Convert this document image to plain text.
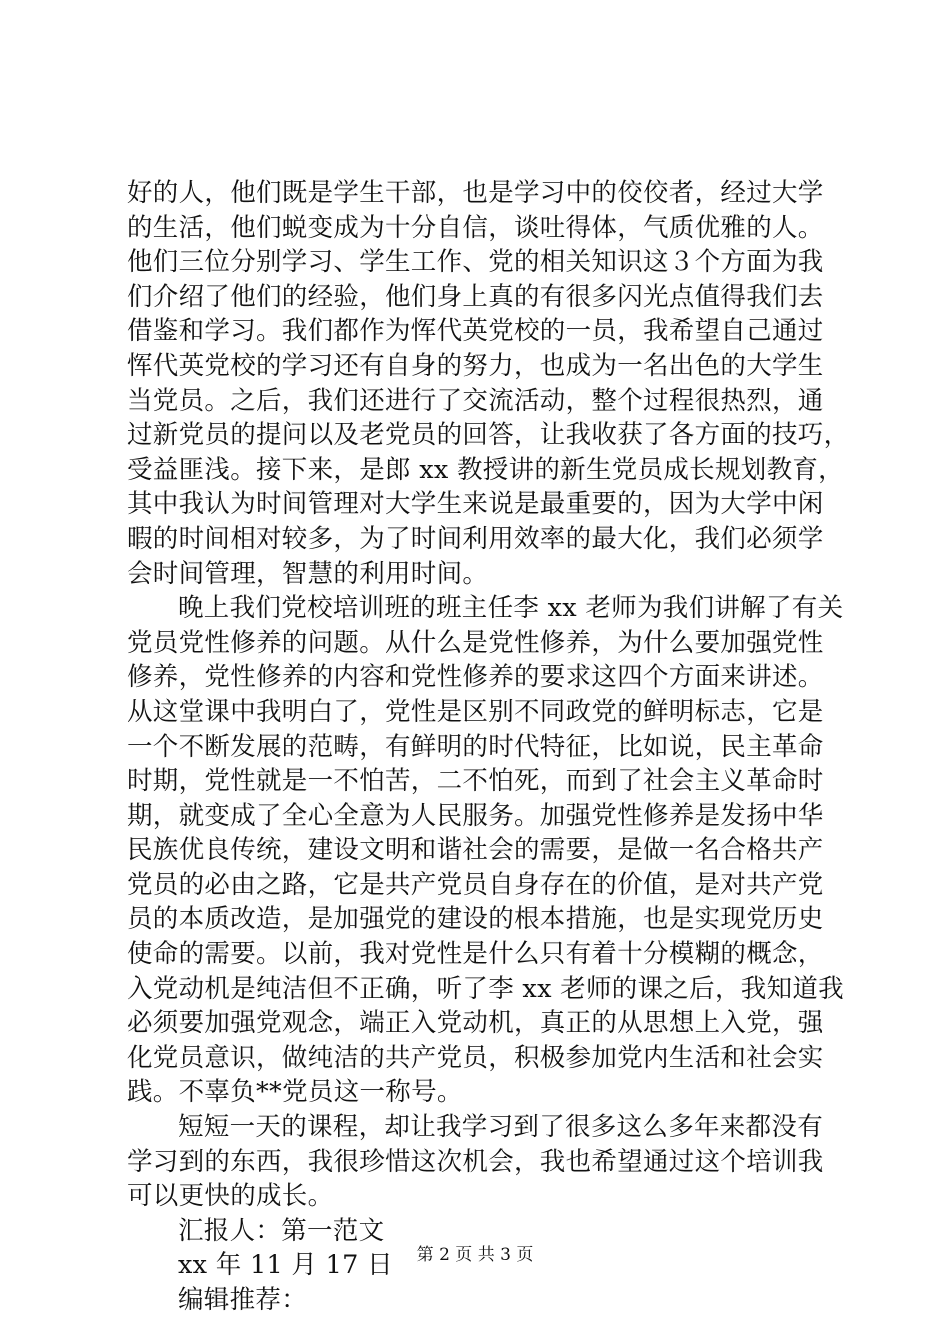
好的人，他们既是学生干部，也是学习中的佼佼者，经过大学
的生活，他们蜕变成为十分自信，谈吐得体，气质优雅的人。
他们三位分别学习、学生工作、党的相关知识这３个方面为我
们介绍了他们的经验，他们身上真的有很多闪光点值得我们去
借鉴和学习。我们都作为恽代英党校的一员，我希望自己通过
恽代英党校的学习还有自身的努力，也成为一名出色的大学生
当党员。之后，我们还进行了交流活动，整个过程很热烈，通
过新党员的提问以及老党员的回答，让我收获了各方面的技巧，
受益匪浅。接下来，是郎 xx 教授讲的新生党员成长规划教育，
其中我认为时间管理对大学生来说是最重要的，因为大学中闲
暇的时间相对较多，为了时间利用效率的最大化，我们必须学
会时间管理，智慧的利用时间。
晚上我们党校培训班的班主任李 xx 老师为我们讲解了有关
党员党性修养的问题。从什么是党性修养，为什么要加强党性
修养，党性修养的内容和党性修养的要求这四个方面来讲述。
从这堂课中我明白了，党性是区别不同政党的鲜明标志，它是
一个不断发展的范畴，有鲜明的时代特征，比如说，民主革命
时期，党性就是一不怕苦，二不怕死，而到了社会主义革命时
期，就变成了全心全意为人民服务。加强党性修养是发扬中华
民族优良传统，建设文明和谐社会的需要，是做一名合格共产
党员的必由之路，它是共产党员自身存在的价值，是对共产党
员的本质改造，是加强党的建设的根本措施，也是实现党历史
使命的需要。以前，我对党性是什么只有着十分模糊的概念，
入党动机是纯洁但不正确，听了李 xx 老师的课之后，我知道我
必须要加强党观念，端正入党动机，真正的从思想上入党，强
化党员意识，做纯洁的共产党员，积极参加党内生活和社会实
践。不辜负**党员这一称号。
短短一天的课程，却让我学习到了很多这么多年来都没有
学习到的东西，我很珍惜这次机会，我也希望通过这个培训我
可以更快的成长。
汇报人：第一范文
xx 年 11 月 17 日
编辑推荐：
第 2 页 共 3 页
